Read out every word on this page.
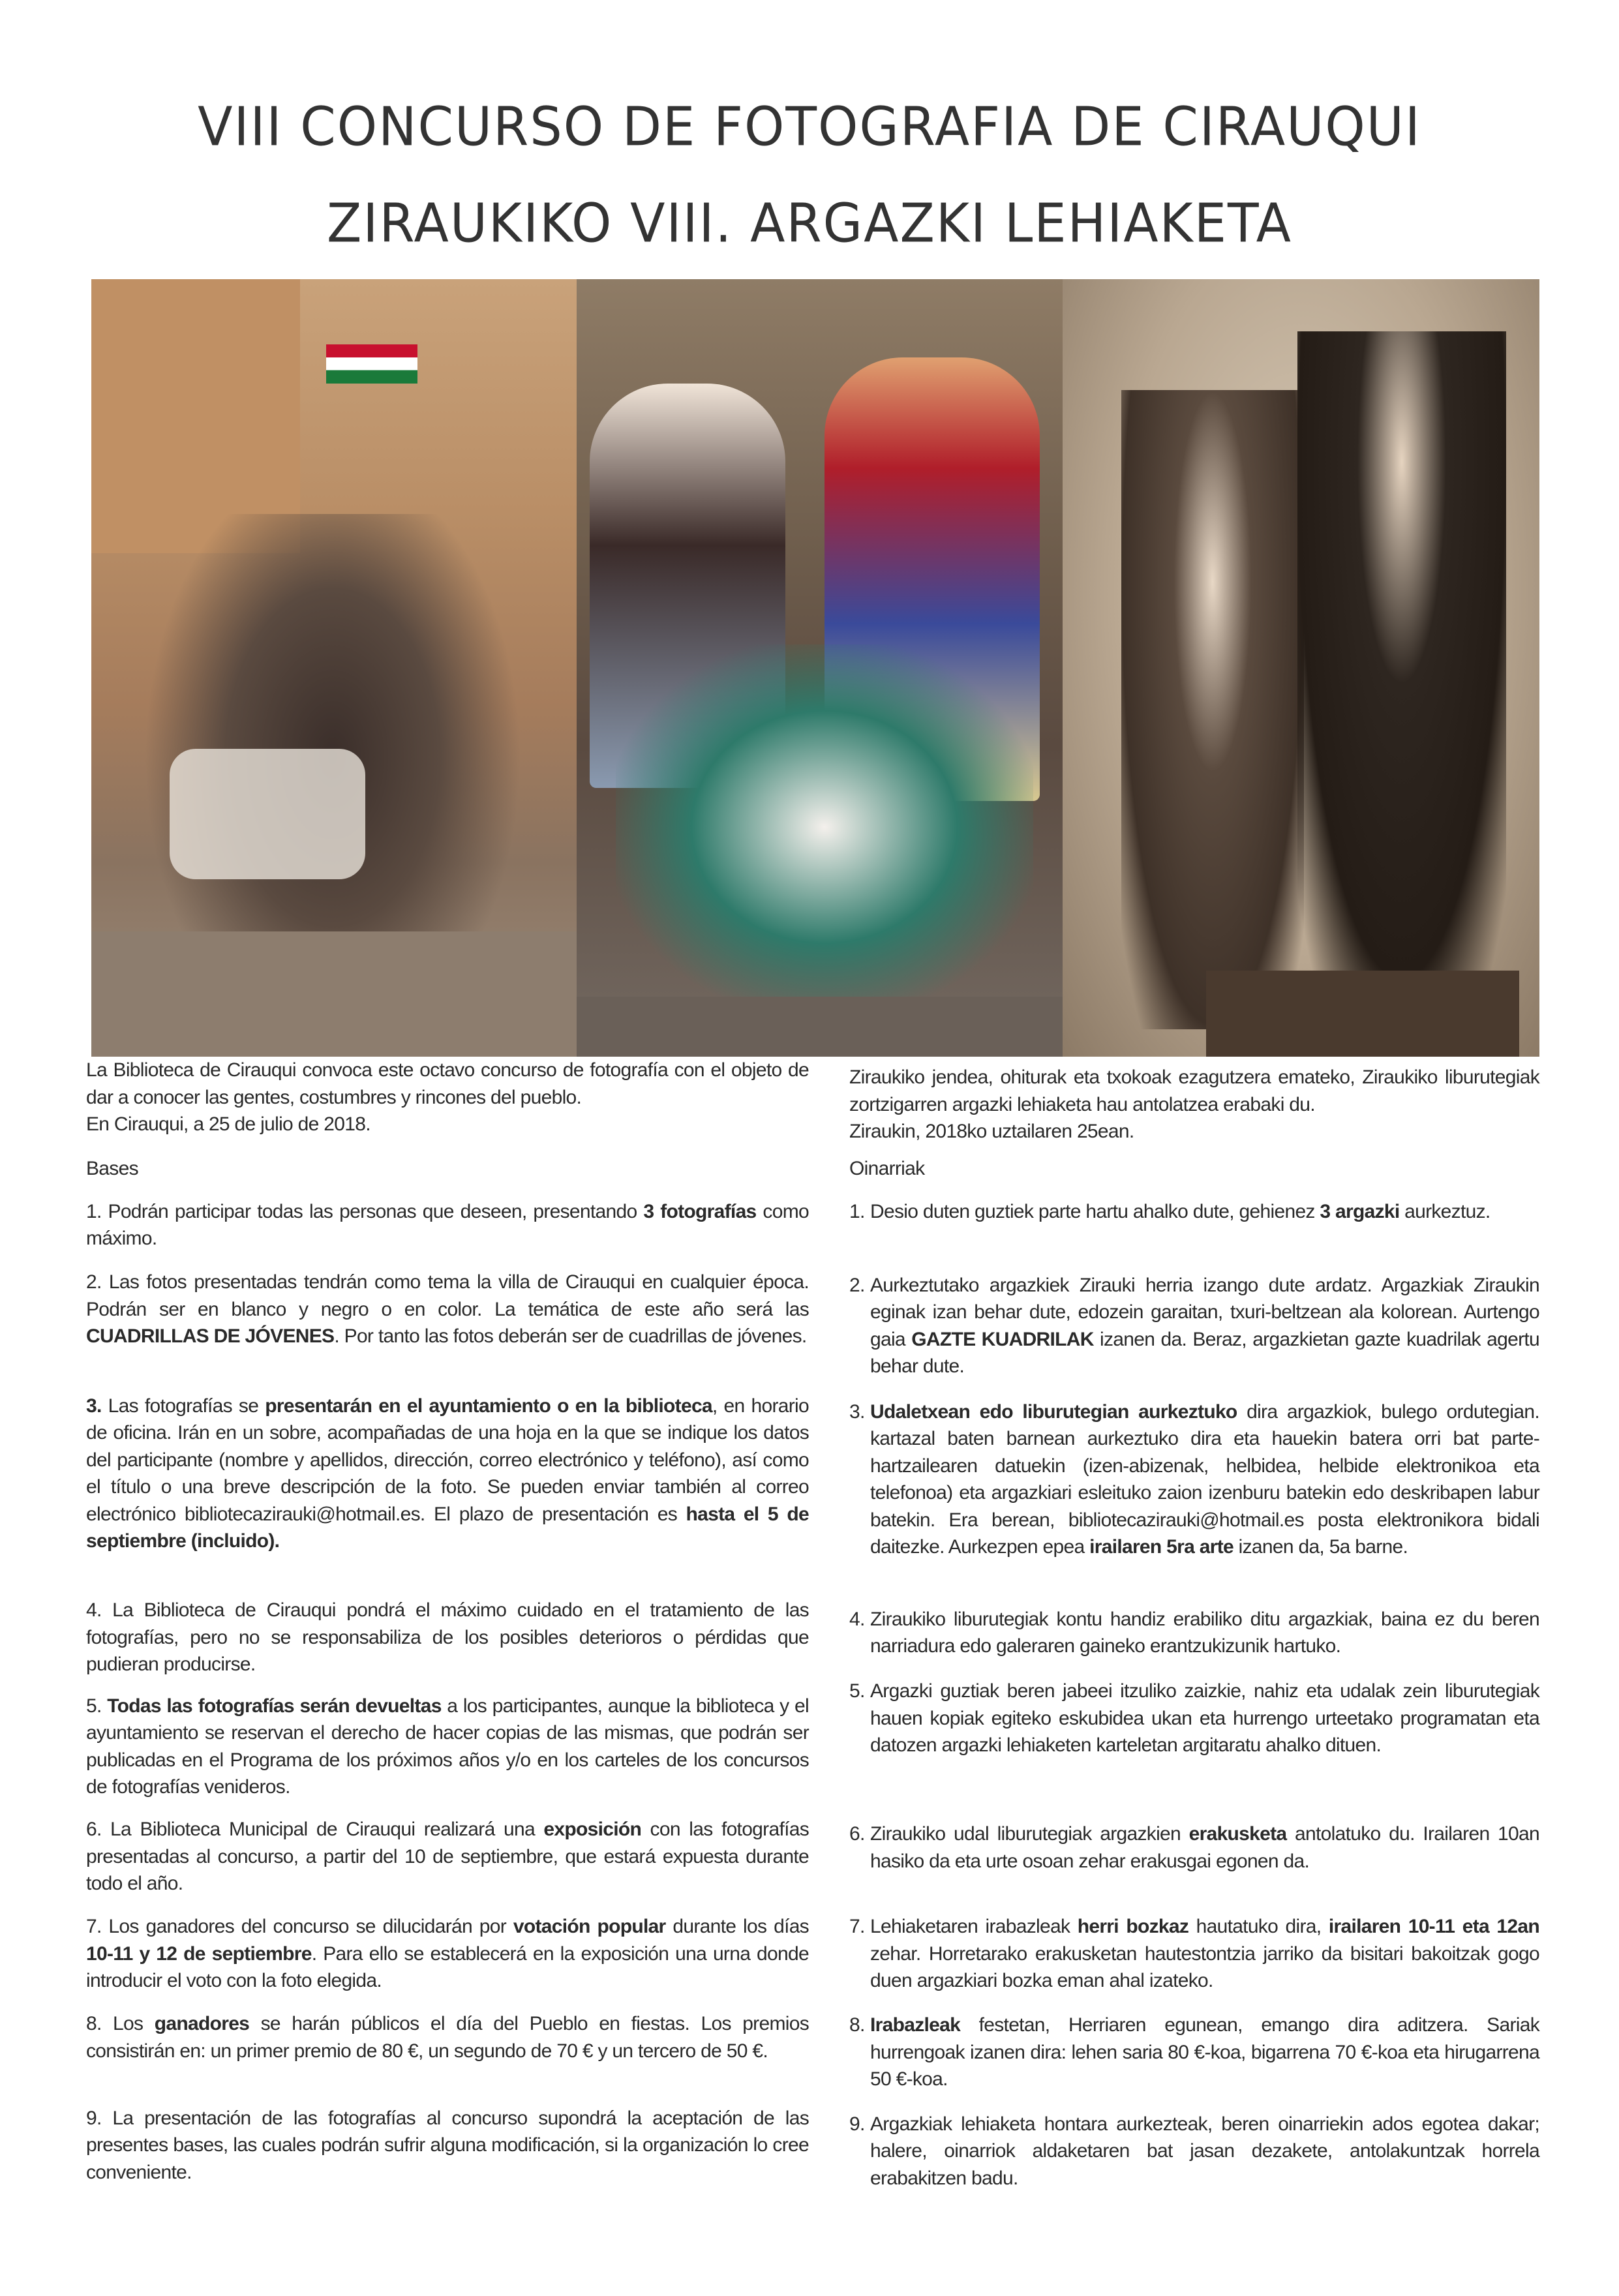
VIII CONCURSO DE FOTOGRAFIA DE CIRAUQUI
ZIRAUKIKO VIII. ARGAZKI LEHIAKETA
La Biblioteca de Cirauqui convoca este octavo concurso de fotografía con el objeto de dar a conocer las gentes, costumbres y rincones del pueblo.
En Cirauqui, a 25 de julio de 2018.
Bases
1. Podrán participar todas las personas que deseen, presentando 3 fotografías como máximo.
2. Las fotos presentadas tendrán como tema la villa de Cirauqui en cualquier época. Podrán ser en blanco y negro o en color. La temática de este año será las CUADRILLAS DE JÓVENES. Por tanto las fotos deberán ser de cuadrillas de jóvenes.
3. Las fotografías se presentarán en el ayuntamiento o en la biblioteca, en horario de oficina. Irán en un sobre, acompañadas de una hoja en la que se indique los datos del participante (nombre y apellidos, dirección, correo electrónico y teléfono), así como el título o una breve descripción de la foto. Se pueden enviar también al correo electrónico bibliotecazirauki@hotmail.es. El plazo de presentación es hasta el 5 de septiembre (incluido).
4. La Biblioteca de Cirauqui pondrá el máximo cuidado en el tratamiento de las fotografías, pero no se responsabiliza de los posibles deterioros o pérdidas que pudieran producirse.
5. Todas las fotografías serán devueltas a los participantes, aunque la biblioteca y el ayuntamiento se reservan el derecho de hacer copias de las mismas, que podrán ser publicadas en el Programa de los próximos años y/o en los carteles de los concursos de fotografías venideros.
6. La Biblioteca Municipal de Cirauqui realizará una exposición con las fotografías presentadas al concurso, a partir del 10 de septiembre, que estará expuesta durante todo el año.
7. Los ganadores del concurso se dilucidarán por votación popular durante los días 10-11 y 12 de septiembre. Para ello se establecerá en la exposición una urna donde introducir el voto con la foto elegida.
8. Los ganadores se harán públicos el día del Pueblo en fiestas. Los premios consistirán en: un primer premio de 80 €, un segundo de 70 € y un tercero de 50 €.
9. La presentación de las fotografías al concurso supondrá la aceptación de las presentes bases, las cuales podrán sufrir alguna modificación, si la organización lo cree conveniente.
Ziraukiko jendea, ohiturak eta txokoak ezagutzera emateko, Ziraukiko liburutegiak zortzigarren argazki lehiaketa hau antolatzea erabaki du.
Ziraukin, 2018ko uztailaren 25ean.
Oinarriak
1. Desio duten guztiek parte hartu ahalko dute, gehienez 3 argazki aurkeztuz.
2. Aurkeztutako argazkiek Zirauki herria izango dute ardatz. Argazkiak Ziraukin eginak izan behar dute, edozein garaitan, txuri-beltzean ala kolorean. Aurtengo gaia GAZTE KUADRILAK izanen da. Beraz, argazkietan gazte kuadrilak agertu behar dute.
3. Udaletxean edo liburutegian aurkeztuko dira argazkiok, bulego ordutegian. kartazal baten barnean aurkeztuko dira eta hauekin batera orri bat parte- hartzailearen datuekin (izen-abizenak, helbidea, helbide elektronikoa eta telefonoa) eta argazkiari esleituko zaion izenburu batekin edo deskribapen labur batekin. Era berean, bibliotecazirauki@hotmail.es posta elektronikora bidali daitezke. Aurkezpen epea irailaren 5ra arte izanen da, 5a barne.
4. Ziraukiko liburutegiak kontu handiz erabiliko ditu argazkiak, baina ez du beren narriadura edo galeraren gaineko erantzukizunik hartuko.
5. Argazki guztiak beren jabeei itzuliko zaizkie, nahiz eta udalak zein liburutegiak hauen kopiak egiteko eskubidea ukan eta hurrengo urteetako programatan eta datozen argazki lehiaketen karteletan argitaratu ahalko dituen.
6. Ziraukiko udal liburutegiak argazkien erakusketa antolatuko du. Irailaren 10an hasiko da eta urte osoan zehar erakusgai egonen da.
7. Lehiaketaren irabazleak herri bozkaz hautatuko dira, irailaren 10-11 eta 12an zehar. Horretarako erakusketan hautestontzia jarriko da bisitari bakoitzak gogo duen argazkiari bozka eman ahal izateko.
8. Irabazleak festetan, Herriaren egunean, emango dira aditzera. Sariak hurrengoak izanen dira: lehen saria 80 €-koa, bigarrena 70 €-koa eta hirugarrena 50 €-koa.
9. Argazkiak lehiaketa hontara aurkezteak, beren oinarriekin ados egotea dakar; halere, oinarriok aldaketaren bat jasan dezakete, antolakuntzak horrela erabakitzen badu.
